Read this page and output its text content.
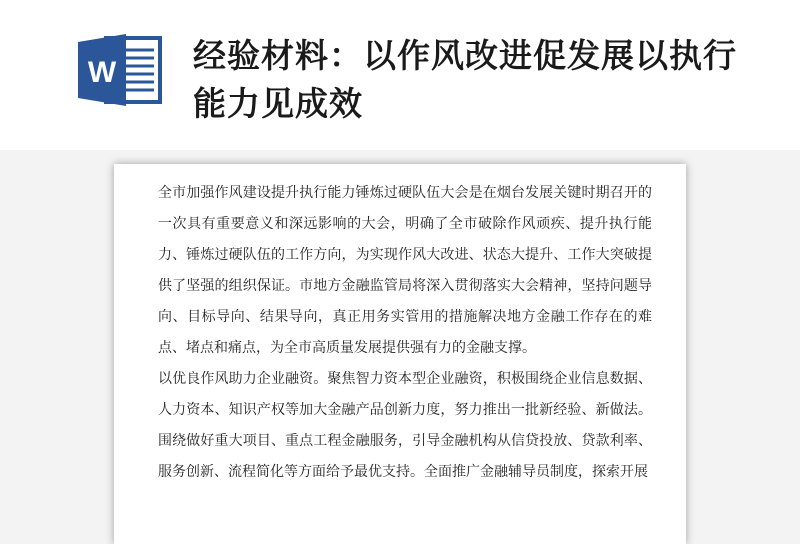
W 经验材料：以作风改进促发展以执行能力见成效

全市加强作风建设提升执行能力锤炼过硬队伍大会是在烟台发展关键时期召开的一次具有重要意义和深远影响的大会，明确了全市破除作风顽疾、提升执行能力、锤炼过硬队伍的工作方向，为实现作风大改进、状态大提升、工作大突破提供了坚强的组织保证。市地方金融监管局将深入贯彻落实大会精神，坚持问题导向、目标导向、结果导向，真正用务实管用的措施解决地方金融工作存在的难点、堵点和痛点，为全市高质量发展提供强有力的金融支撑。

以优良作风助力企业融资。聚焦智力资本型企业融资，积极围绕企业信息数据、人力资本、知识产权等加大金融产品创新力度，努力推出一批新经验、新做法。围绕做好重大项目、重点工程金融服务，引导金融机构从信贷投放、贷款利率、服务创新、流程简化等方面给予最优支持。全面推广金融辅导员制度，探索开展
